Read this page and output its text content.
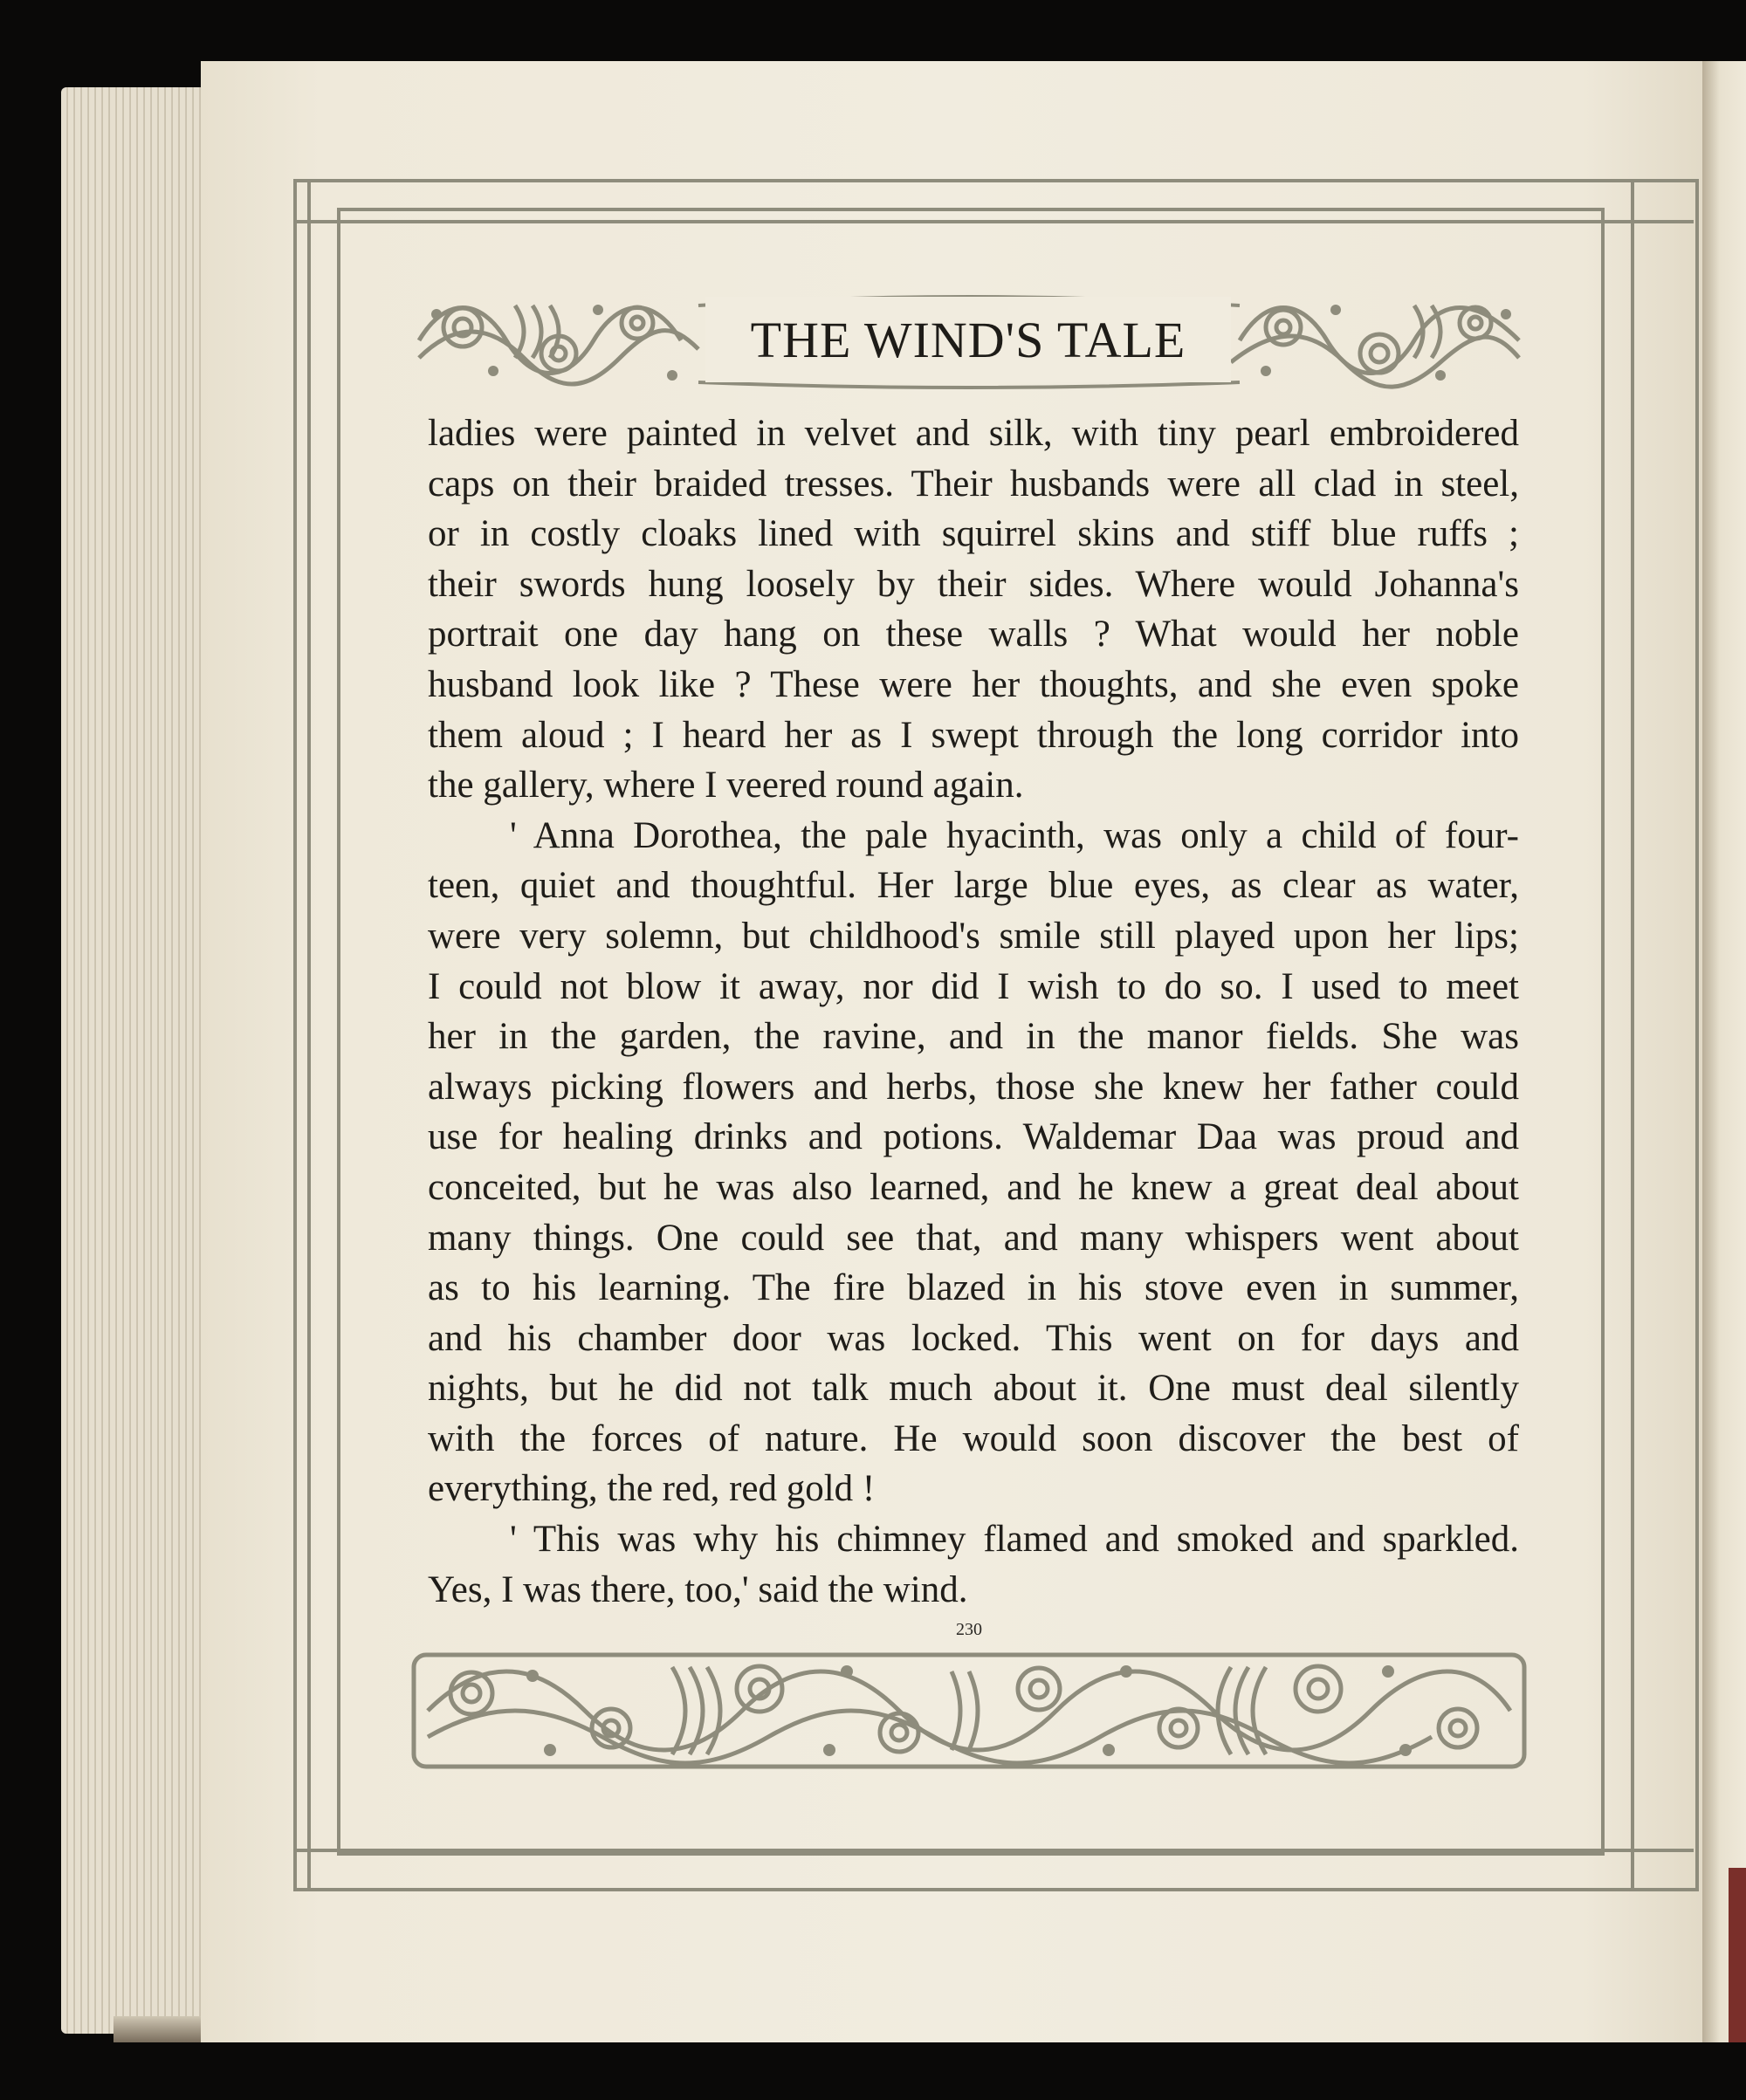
THE WIND'S TALE

ladies were painted in velvet and silk, with tiny pearl embroidered
caps on their braided tresses. Their husbands were all clad in steel,
or in costly cloaks lined with squirrel skins and stiff blue ruffs ;
their swords hung loosely by their sides. Where would Johanna's
portrait one day hang on these walls ? What would her noble
husband look like ? These were her thoughts, and she even spoke
them aloud ; I heard her as I swept through the long corridor into
the gallery, where I veered round again.

' Anna Dorothea, the pale hyacinth, was only a child of four-
teen, quiet and thoughtful. Her large blue eyes, as clear as water,
were very solemn, but childhood's smile still played upon her lips;
I could not blow it away, nor did I wish to do so. I used to meet
her in the garden, the ravine, and in the manor fields. She was
always picking flowers and herbs, those she knew her father could
use for healing drinks and potions. Waldemar Daa was proud and
conceited, but he was also learned, and he knew a great deal about
many things. One could see that, and many whispers went about
as to his learning. The fire blazed in his stove even in summer,
and his chamber door was locked. This went on for days and
nights, but he did not talk much about it. One must deal silently
with the forces of nature. He would soon discover the best of
everything, the red, red gold !

' This was why his chimney flamed and smoked and sparkled.
Yes, I was there, too,' said the wind.

230
